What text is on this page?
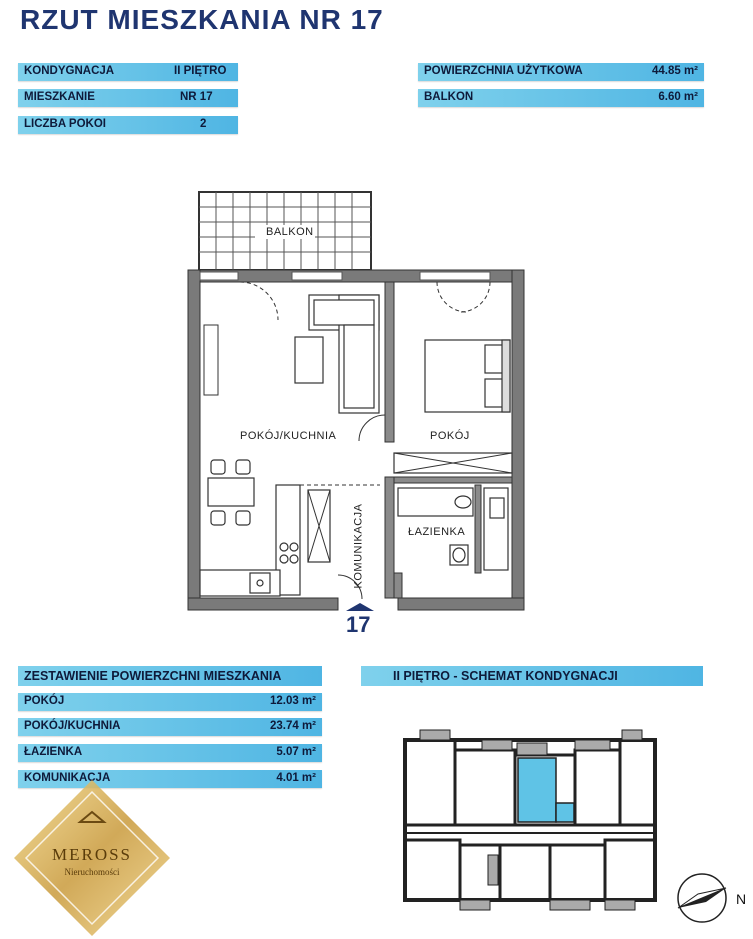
RZUT MIESZKANIA NR 17
KONDYGNACJA	II PIĘTRO
MIESZKANIE	NR 17
LICZBA POKOI	2
POWIERZCHNIA UŻYTKOWA	44.85 m²
BALKON	6.60 m²
BALKON
POKÓJ/KUCHNIA	POKÓJ
ŁAZIENKA
KOMUNIKACJA
17
ZESTAWIENIE POWIERZCHNI MIESZKANIA
POKÓJ	12.03 m²
POKÓJ/KUCHNIA	23.74 m²
ŁAZIENKA	5.07 m²
KOMUNIKACJA	4.01 m²
II PIĘTRO - SCHEMAT KONDYGNACJI
MEROSS
Nieruchomości
N
